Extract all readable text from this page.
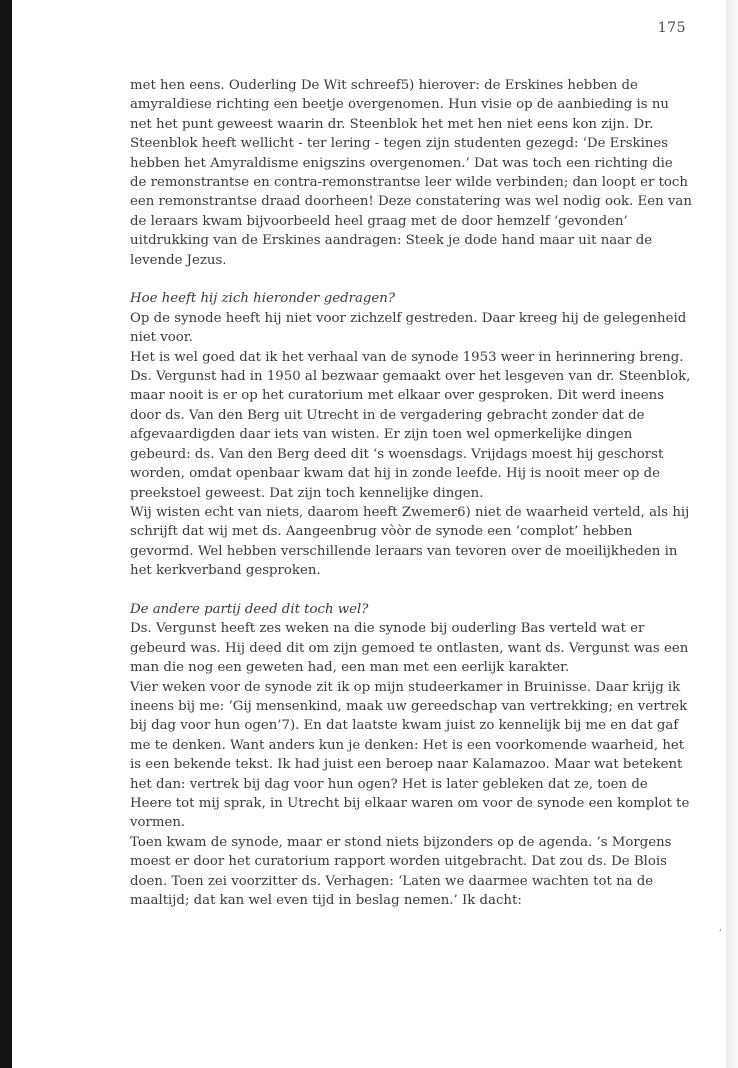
175

met hen eens. Ouderling De Wit schreef5) hierover: de Erskines hebben de amyraldiese richting een beetje overgenomen. Hun visie op de aanbieding is nu net het punt geweest waarin dr. Steenblok het met hen niet eens kon zijn. Dr. Steenblok heeft wellicht - ter lering - tegen zijn studenten gezegd: ‘De Erskines hebben het Amyraldisme enigszins overgenomen.’ Dat was toch een richting die de remonstrantse en contra-remonstrantse leer wilde verbinden; dan loopt er toch een remonstrantse draad doorheen! Deze constatering was wel nodig ook. Een van de leraars kwam bijvoorbeeld heel graag met de door hemzelf ‘gevonden’ uitdrukking van de Erskines aandragen: Steek je dode hand maar uit naar de levende Jezus.

Hoe heeft hij zich hieronder gedragen?

Op de synode heeft hij niet voor zichzelf gestreden. Daar kreeg hij de gelegenheid niet voor.

Het is wel goed dat ik het verhaal van de synode 1953 weer in herinnering breng. Ds. Vergunst had in 1950 al bezwaar gemaakt over het lesgeven van dr. Steenblok, maar nooit is er op het curatorium met elkaar over gesproken. Dit werd ineens door ds. Van den Berg uit Utrecht in de vergadering gebracht zonder dat de afgevaardigden daar iets van wisten. Er zijn toen wel opmerkelijke dingen gebeurd: ds. Van den Berg deed dit ‘s woensdags. Vrijdags moest hij geschorst worden, omdat openbaar kwam dat hij in zonde leefde. Hij is nooit meer op de preekstoel geweest. Dat zijn toch kennelijke dingen.

Wij wisten echt van niets, daarom heeft Zwemer6) niet de waarheid verteld, als hij schrijft dat wij met ds. Aangeenbrug vòòr de synode een ‘complot’ hebben gevormd. Wel hebben verschillende leraars van tevoren over de moeilijkheden in het kerkverband gesproken.

De andere partij deed dit toch wel?

Ds. Vergunst heeft zes weken na die synode bij ouderling Bas verteld wat er gebeurd was. Hij deed dit om zijn gemoed te ontlasten, want ds. Vergunst was een man die nog een geweten had, een man met een eerlijk karakter.

Vier weken voor de synode zit ik op mijn studeerkamer in Bruinisse. Daar krijg ik ineens bij me: ‘Gij mensenkind, maak uw gereedschap van vertrekking; en vertrek bij dag voor hun ogen’7). En dat laatste kwam juist zo kennelijk bij me en dat gaf me te denken. Want anders kun je denken: Het is een voorkomende waarheid, het is een bekende tekst. Ik had juist een beroep naar Kalamazoo. Maar wat betekent het dan: vertrek bij dag voor hun ogen? Het is later gebleken dat ze, toen de Heere tot mij sprak, in Utrecht bij elkaar waren om voor de synode een komplot te vormen.

Toen kwam de synode, maar er stond niets bijzonders op de agenda. ’s Morgens moest er door het curatorium rapport worden uitgebracht. Dat zou ds. De Blois doen. Toen zei voorzitter ds. Verhagen: ‘Laten we daarmee wachten tot na de maaltijd; dat kan wel even tijd in beslag nemen.’ Ik dacht:

,
